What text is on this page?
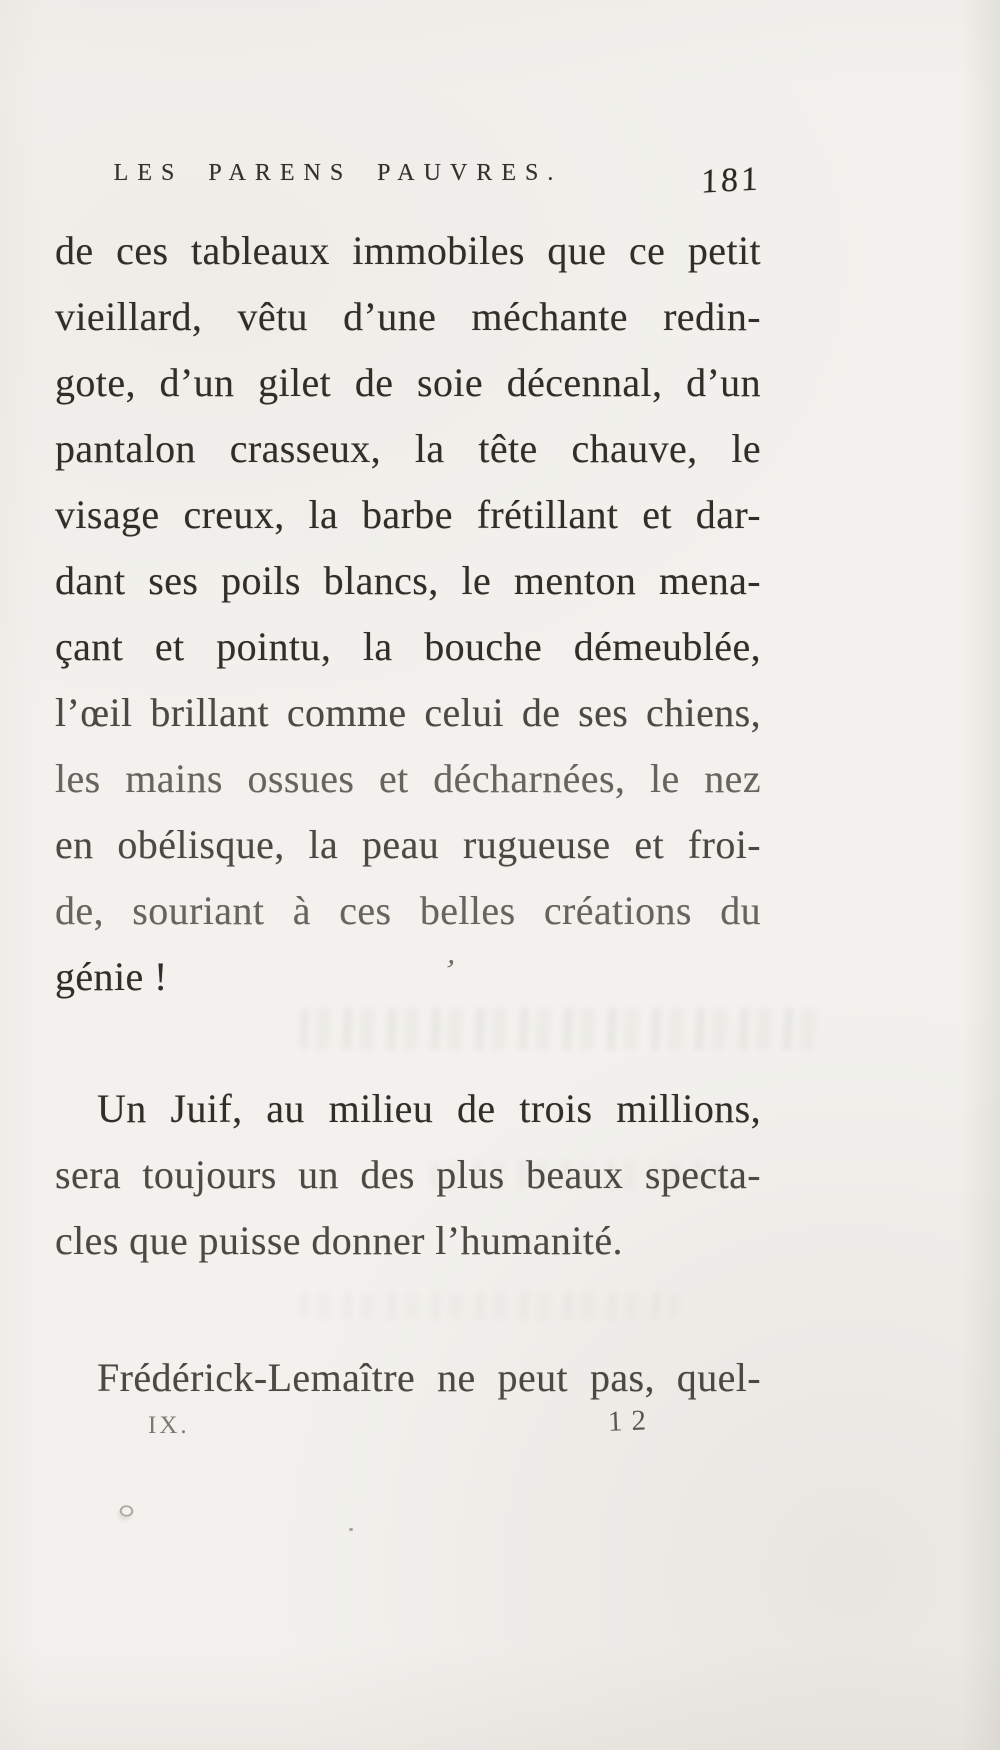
LES PARENS PAUVRES.	181
de ces tableaux immobiles que ce petit
vieillard, vêtu d’une méchante redin-
gote, d’un gilet de soie décennal, d’un
pantalon crasseux, la tête chauve, le
visage creux, la barbe frétillant et dar-
dant ses poils blancs, le menton mena-
çant et pointu, la bouche démeublée,
l’œil brillant comme celui de ses chiens,
les mains ossues et décharnées, le nez
en obélisque, la peau rugueuse et froi-
de, souriant à ces belles créations du
génie !
Un Juif, au milieu de trois millions,
sera toujours un des plus beaux specta-
cles que puisse donner l’humanité.
Frédérick-Lemaître ne peut pas, quel-
IX.	12
’
